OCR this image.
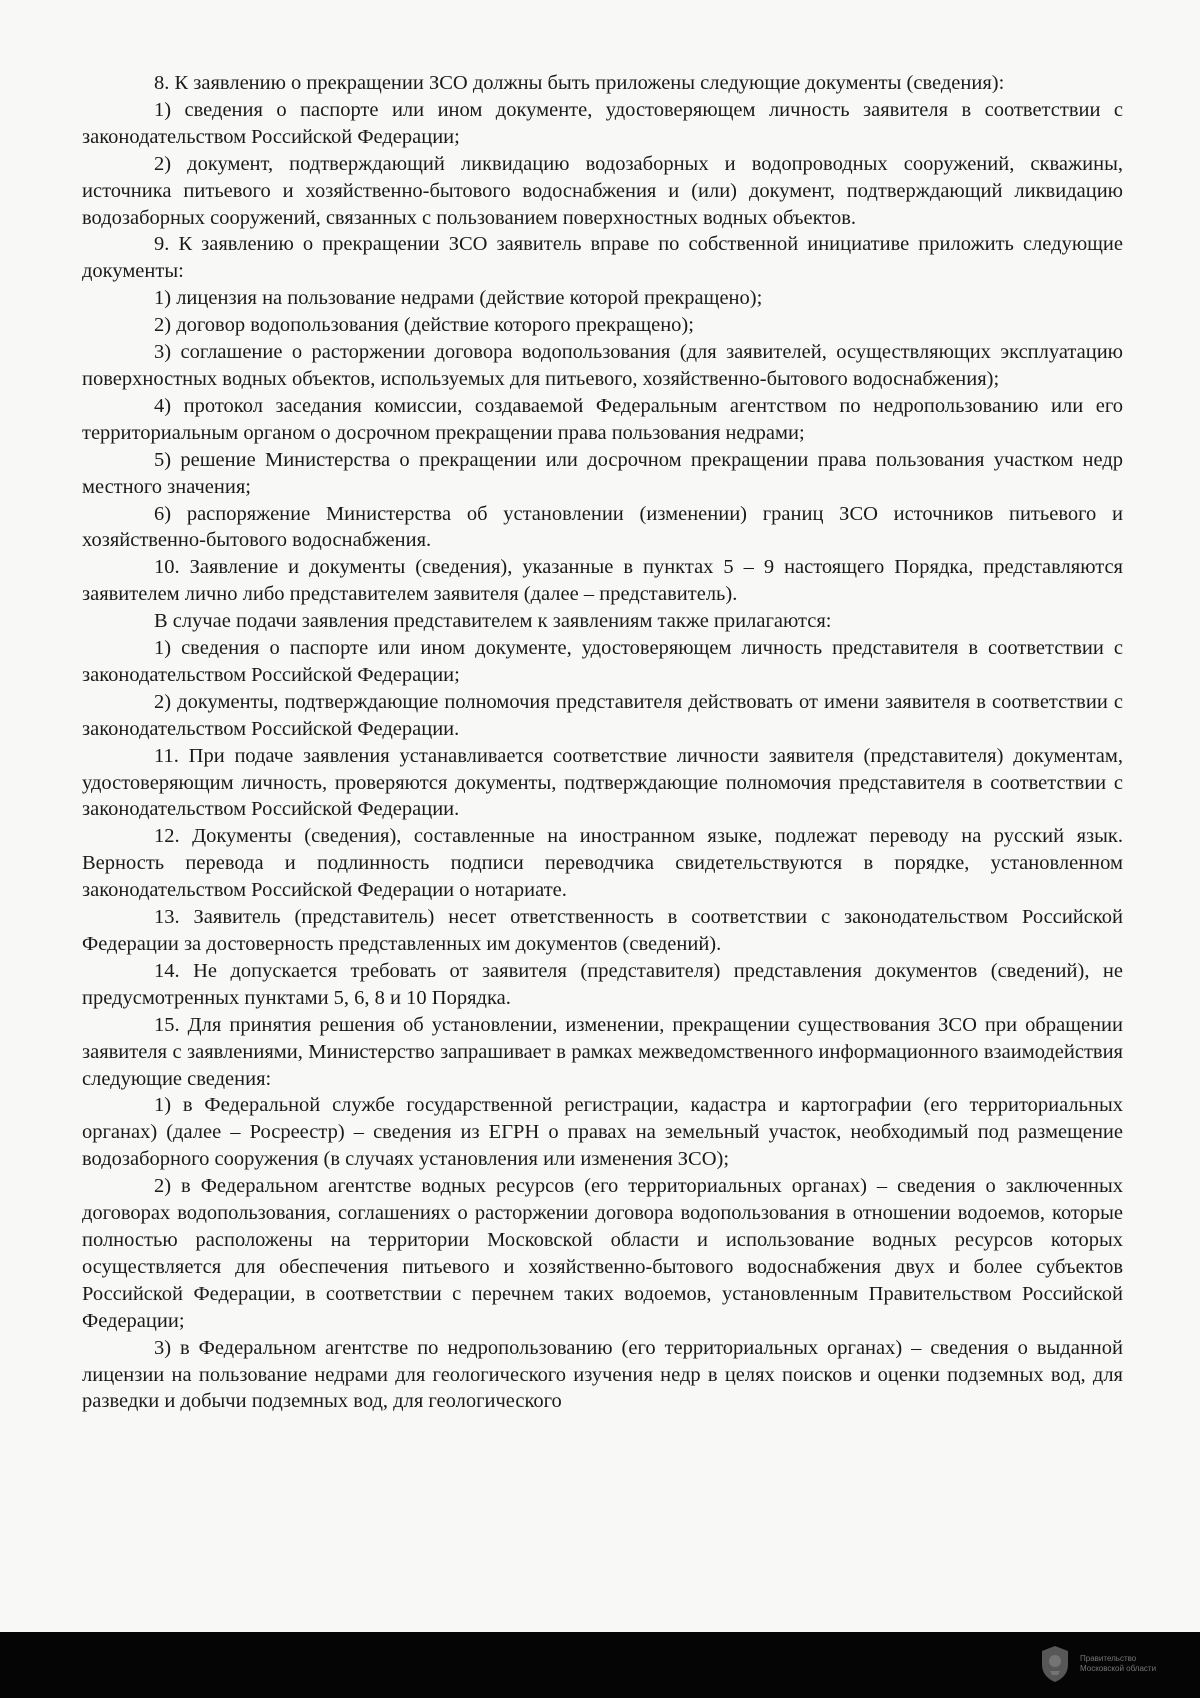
8. К заявлению о прекращении ЗСО должны быть приложены следующие документы (сведения):

1) сведения о паспорте или ином документе, удостоверяющем личность заявителя в соответствии с законодательством Российской Федерации;

2) документ, подтверждающий ликвидацию водозаборных и водопроводных сооружений, скважины, источника питьевого и хозяйственно-бытового водоснабжения и (или) документ, подтверждающий ликвидацию водозаборных сооружений, связанных с пользованием поверхностных водных объектов.

9. К заявлению о прекращении ЗСО заявитель вправе по собственной инициативе приложить следующие документы:

1) лицензия на пользование недрами (действие которой прекращено);

2) договор водопользования (действие которого прекращено);

3) соглашение о расторжении договора водопользования (для заявителей, осуществляющих эксплуатацию поверхностных водных объектов, используемых для питьевого, хозяйственно-бытового водоснабжения);

4) протокол заседания комиссии, создаваемой Федеральным агентством по недропользованию или его территориальным органом о досрочном прекращении права пользования недрами;

5) решение Министерства о прекращении или досрочном прекращении права пользования участком недр местного значения;

6) распоряжение Министерства об установлении (изменении) границ ЗСО источников питьевого и хозяйственно-бытового водоснабжения.

10. Заявление и документы (сведения), указанные в пунктах 5 – 9 настоящего Порядка, представляются заявителем лично либо представителем заявителя (далее – представитель).

В случае подачи заявления представителем к заявлениям также прилагаются:

1) сведения о паспорте или ином документе, удостоверяющем личность представителя в соответствии с законодательством Российской Федерации;

2) документы, подтверждающие полномочия представителя действовать от имени заявителя в соответствии с законодательством Российской Федерации.

11. При подаче заявления устанавливается соответствие личности заявителя (представителя) документам, удостоверяющим личность, проверяются документы, подтверждающие полномочия представителя в соответствии с законодательством Российской Федерации.

12. Документы (сведения), составленные на иностранном языке, подлежат переводу на русский язык. Верность перевода и подлинность подписи переводчика свидетельствуются в порядке, установленном законодательством Российской Федерации о нотариате.

13. Заявитель (представитель) несет ответственность в соответствии с законодательством Российской Федерации за достоверность представленных им документов (сведений).

14. Не допускается требовать от заявителя (представителя) представления документов (сведений), не предусмотренных пунктами 5, 6, 8 и 10 Порядка.

15. Для принятия решения об установлении, изменении, прекращении существования ЗСО при обращении заявителя с заявлениями, Министерство запрашивает в рамках межведомственного информационного взаимодействия следующие сведения:

1) в Федеральной службе государственной регистрации, кадастра и картографии (его территориальных органах) (далее – Росреестр) – сведения из ЕГРН о правах на земельный участок, необходимый под размещение водозаборного сооружения (в случаях установления или изменения ЗСО);

2) в Федеральном агентстве водных ресурсов (его территориальных органах) – сведения о заключенных договорах водопользования, соглашениях о расторжении договора водопользования в отношении водоемов, которые полностью расположены на территории Московской области и использование водных ресурсов которых осуществляется для обеспечения питьевого и хозяйственно-бытового водоснабжения двух и более субъектов Российской Федерации, в соответствии с перечнем таких водоемов, установленным Правительством Российской Федерации;

3) в Федеральном агентстве по недропользованию (его территориальных органах) – сведения о выданной лицензии на пользование недрами для геологического изучения недр в целях поисков и оценки подземных вод, для разведки и добычи подземных вод, для геологического

Правительство Московской области
